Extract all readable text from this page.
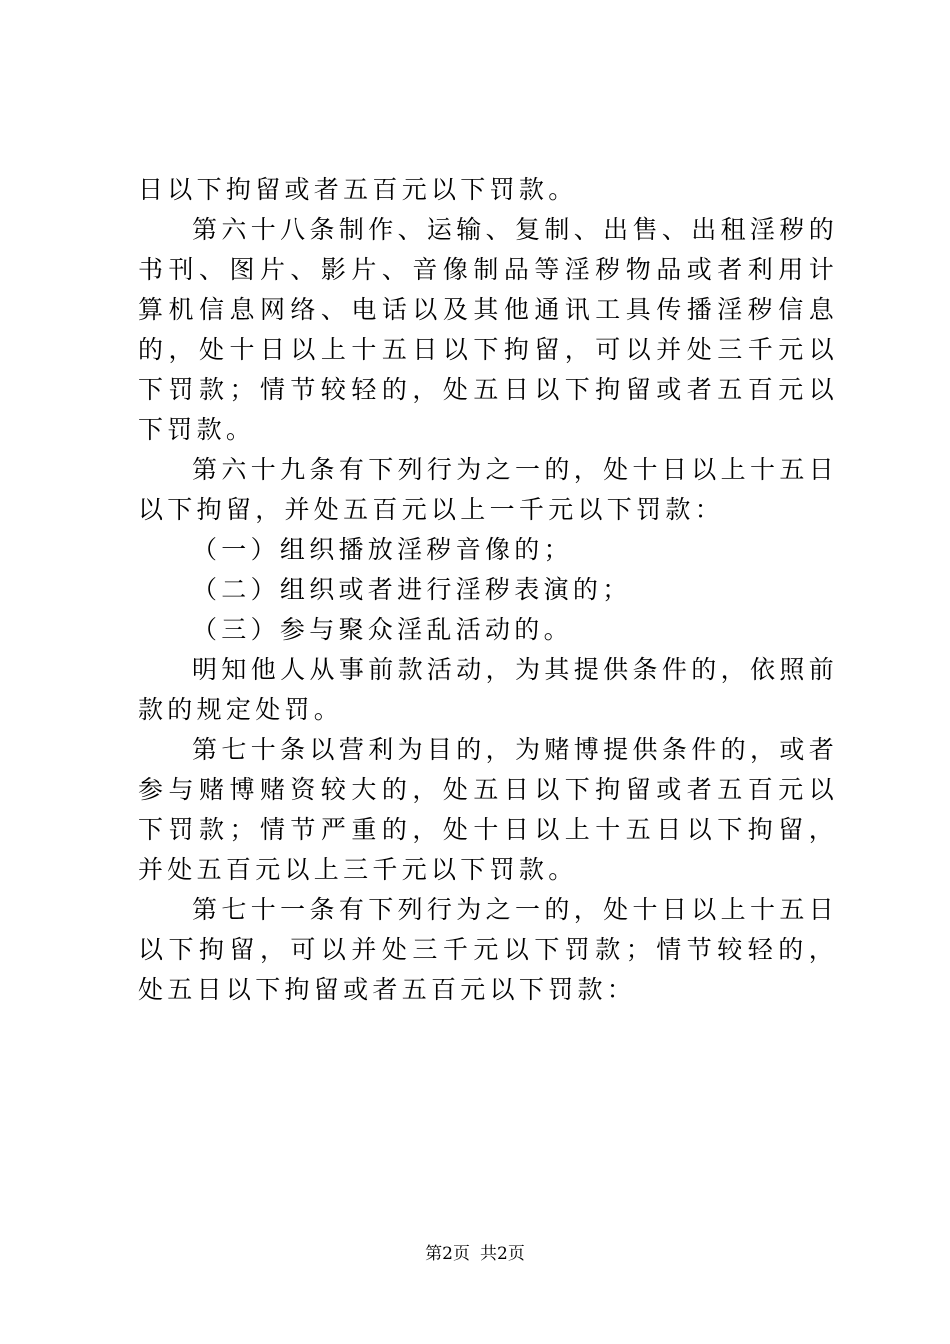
日以下拘留或者五百元以下罚款。

第六十八条制作、运输、复制、出售、出租淫秽的书刊、图片、影片、音像制品等淫秽物品或者利用计算机信息网络、电话以及其他通讯工具传播淫秽信息的，处十日以上十五日以下拘留，可以并处三千元以下罚款；情节较轻的，处五日以下拘留或者五百元以下罚款。

第六十九条有下列行为之一的，处十日以上十五日以下拘留，并处五百元以上一千元以下罚款：

（一）组织播放淫秽音像的；

（二）组织或者进行淫秽表演的；

（三）参与聚众淫乱活动的。

明知他人从事前款活动，为其提供条件的，依照前款的规定处罚。

第七十条以营利为目的，为赌博提供条件的，或者参与赌博赌资较大的，处五日以下拘留或者五百元以下罚款；情节严重的，处十日以上十五日以下拘留，并处五百元以上三千元以下罚款。

第七十一条有下列行为之一的，处十日以上十五日以下拘留，可以并处三千元以下罚款；情节较轻的，处五日以下拘留或者五百元以下罚款：

第2页 共2页
